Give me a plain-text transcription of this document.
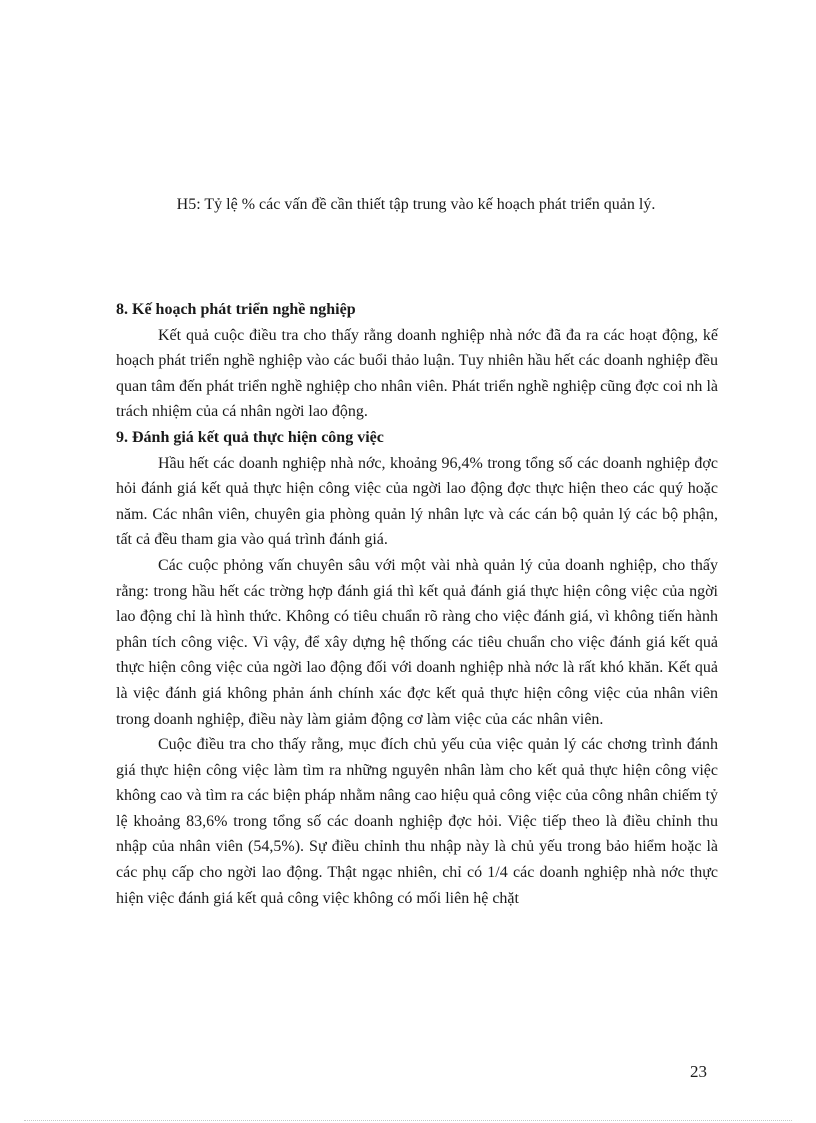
H5: Tỷ lệ % các vấn đề cần thiết tập trung vào kế hoạch phát triển quản lý.
8. Kế hoạch phát triển nghề nghiệp

Kết quả cuộc điều tra cho thấy rằng doanh nghiệp nhà nớc đã đa ra các hoạt động, kế hoạch phát triển nghề nghiệp vào các buổi thảo luận. Tuy nhiên hầu hết các doanh nghiệp đều quan tâm đến phát triển nghề nghiệp cho nhân viên. Phát triển nghề nghiệp cũng đợc coi nh là trách nhiệm của cá nhân ngời lao động.

9. Đánh giá kết quả thực hiện công việc

Hầu hết các doanh nghiệp nhà nớc, khoảng 96,4% trong tổng số các doanh nghiệp đợc hỏi đánh giá kết quả thực hiện công việc của ngời lao động đợc thực hiện theo các quý hoặc năm. Các nhân viên, chuyên gia phòng quản lý nhân lực và các cán bộ quản lý các bộ phận, tất cả đều tham gia vào quá trình đánh giá.

Các cuộc phỏng vấn chuyên sâu với một vài nhà quản lý của doanh nghiệp, cho thấy rằng: trong hầu hết các trờng hợp đánh giá thì kết quả đánh giá thực hiện công việc của ngời lao động chỉ là hình thức. Không có tiêu chuẩn rõ ràng cho việc đánh giá, vì không tiến hành phân tích công việc. Vì vậy, để xây dựng hệ thống các tiêu chuẩn cho việc đánh giá kết quả thực hiện công việc của ngời lao động đối với doanh nghiệp nhà nớc là rất khó khăn. Kết quả là việc đánh giá không phản ánh chính xác đợc kết quả thực hiện công việc của nhân viên trong doanh nghiệp, điều này làm giảm động cơ làm việc của các nhân viên.

Cuộc điều tra cho thấy rằng, mục đích chủ yếu của việc quản lý các chơng trình đánh giá thực hiện công việc làm tìm ra những nguyên nhân làm cho kết quả thực hiện công việc không cao và tìm ra các biện pháp nhằm nâng cao hiệu quả công việc của công nhân chiếm tỷ lệ khoảng 83,6% trong tổng số các doanh nghiệp đợc hỏi. Việc tiếp theo là điều chỉnh thu nhập của nhân viên (54,5%). Sự điều chỉnh thu nhập này là chủ yếu trong bảo hiểm hoặc là các phụ cấp cho ngời lao động. Thật ngạc nhiên, chỉ có 1/4 các doanh nghiệp nhà nớc thực hiện việc đánh giá kết quả công việc không có mối liên hệ chặt

23
